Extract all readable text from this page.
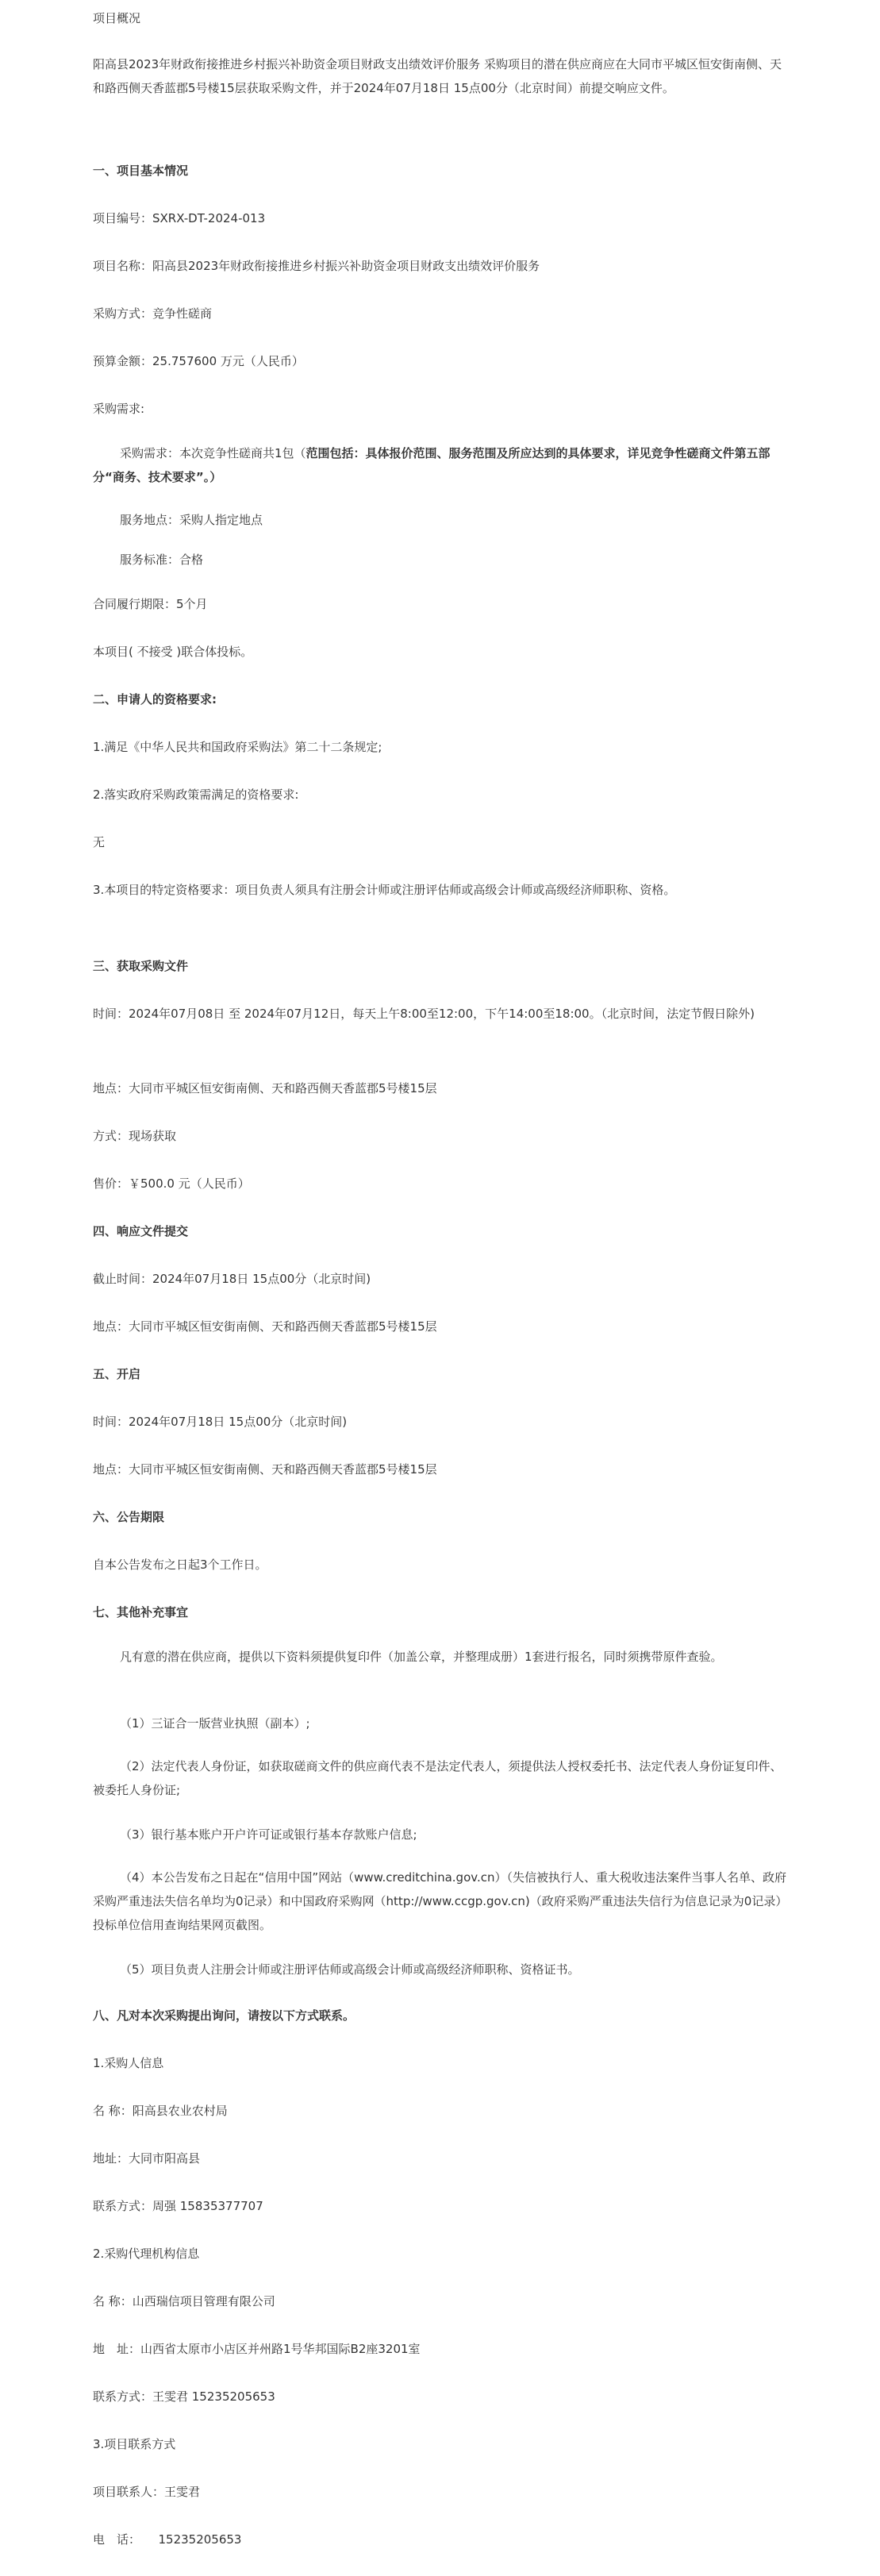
项目概况

阳高县2023年财政衔接推进乡村振兴补助资金项目财政支出绩效评价服务 采购项目的潜在供应商应在大同市平城区恒安街南侧、天和路西侧天香蓝郡5号楼15层获取采购文件，并于2024年07月18日 15点00分（北京时间）前提交响应文件。

一、项目基本情况

项目编号：SXRX-DT-2024-013

项目名称：阳高县2023年财政衔接推进乡村振兴补助资金项目财政支出绩效评价服务

采购方式：竞争性磋商

预算金额：25.757600 万元（人民币）

采购需求:

采购需求：本次竞争性磋商共1包（范围包括：具体报价范围、服务范围及所应达到的具体要求，详见竞争性磋商文件第五部分“商务、技术要求”。）

服务地点：采购人指定地点

服务标准：合格

合同履行期限：5个月

本项目( 不接受 )联合体投标。

二、申请人的资格要求:

1.满足《中华人民共和国政府采购法》第二十二条规定;

2.落实政府采购政策需满足的资格要求:

无

3.本项目的特定资格要求：项目负责人须具有注册会计师或注册评估师或高级会计师或高级经济师职称、资格。

三、获取采购文件

时间：2024年07月08日 至 2024年07月12日，每天上午8:00至12:00，下午14:00至18:00。（北京时间，法定节假日除外)

地点：大同市平城区恒安街南侧、天和路西侧天香蓝郡5号楼15层

方式：现场获取

售价：￥500.0 元（人民币）

四、响应文件提交

截止时间：2024年07月18日 15点00分（北京时间)

地点：大同市平城区恒安街南侧、天和路西侧天香蓝郡5号楼15层

五、开启

时间：2024年07月18日 15点00分（北京时间)

地点：大同市平城区恒安街南侧、天和路西侧天香蓝郡5号楼15层

六、公告期限

自本公告发布之日起3个工作日。

七、其他补充事宜

凡有意的潜在供应商，提供以下资料须提供复印件（加盖公章，并整理成册）1套进行报名，同时须携带原件查验。

（1）三证合一版营业执照（副本）;

（2）法定代表人身份证，如获取磋商文件的供应商代表不是法定代表人，须提供法人授权委托书、法定代表人身份证复印件、被委托人身份证;

（3）银行基本账户开户许可证或银行基本存款账户信息;

（4）本公告发布之日起在“信用中国”网站（www.creditchina.gov.cn）（失信被执行人、重大税收违法案件当事人名单、政府采购严重违法失信名单均为0记录）和中国政府采购网（http://www.ccgp.gov.cn)（政府采购严重违法失信行为信息记录为0记录）投标单位信用查询结果网页截图。

（5）项目负责人注册会计师或注册评估师或高级会计师或高级经济师职称、资格证书。

八、凡对本次采购提出询问，请按以下方式联系。

1.采购人信息

名 称：阳高县农业农村局

地址：大同市阳高县

联系方式：周强 15835377707

2.采购代理机构信息

名 称：山西瑞信项目管理有限公司

地　址：山西省太原市小店区并州路1号华邦国际B2座3201室

联系方式：王雯君 15235205653

3.项目联系方式

项目联系人：王雯君

电　话：　　15235205653
